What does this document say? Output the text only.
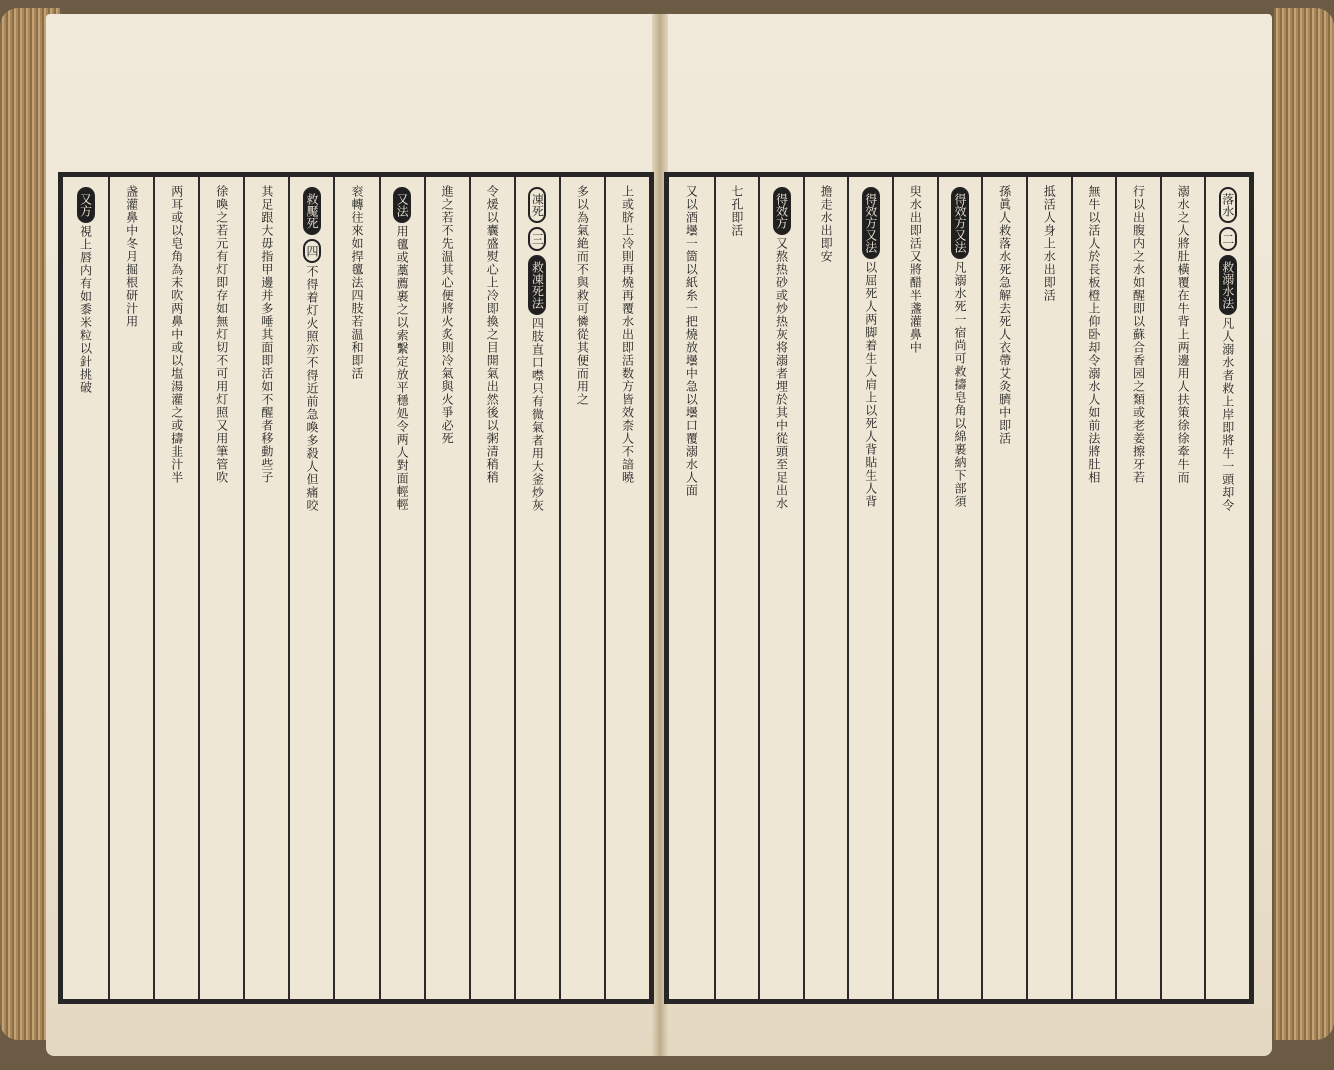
上或脐上冷則再燒再覆水出即活数方皆效柰人不諳曉
多以為氣絶而不與救可憐從其便而用之
凍死
三
救凍死法
四肢直口噤只有微氣者用大釜炒灰
令煖以囊盛熨心上冷即換之目開氣出然後以粥清稍稍
進之若不先温其心便將火炙則冷氣與火爭必死
又法
用氊或藁薦裹之以索繫定放平穩処令两人對面輕輕
衮轉往來如捍氊法四肢若温和即活
救魘死
四
不得着灯火照亦不得近前急喚多殺人但痛咬
其足跟大毋指甲邊并多唾其面即活如不醒者移動些子
徐喚之若元有灯即存如無灯切不可用灯照又用筆管吹
两耳或以皂角為末吹两鼻中或以塩湯灌之或擣韭汁半
盏灌鼻中冬月掘根研汁用
又方
視上唇内有如黍米粒以針挑破
落水
二
救溺水法
凡人溺水者救上岸即將牛一頭却令
溺水之人將肚橫覆在牛背上两邊用人扶策徐徐牽牛而
行以出腹内之水如醒即以蘇合香园之類或老姜擦牙若
無牛以活人於長板橙上仰卧却令溺水人如前法將肚相
抵活人身上水出即活
孫眞人救落水死急解去死人衣帶艾灸臍中即活
得效方又法
凡溺水死一宿尚可救擣皂角以綿裹納下部須
臾水出即活又將醋半盞灌鼻中
得效方又法
以屈死人两脚着生人肩上以死人背貼生人背
擔走水出即安
得效方
又熬热砂或炒热灰将溺者埋於其中從頭至足出水
七孔即活
又以酒壜一箇以紙糸一把燒放壜中急以壜口覆溺水人面
